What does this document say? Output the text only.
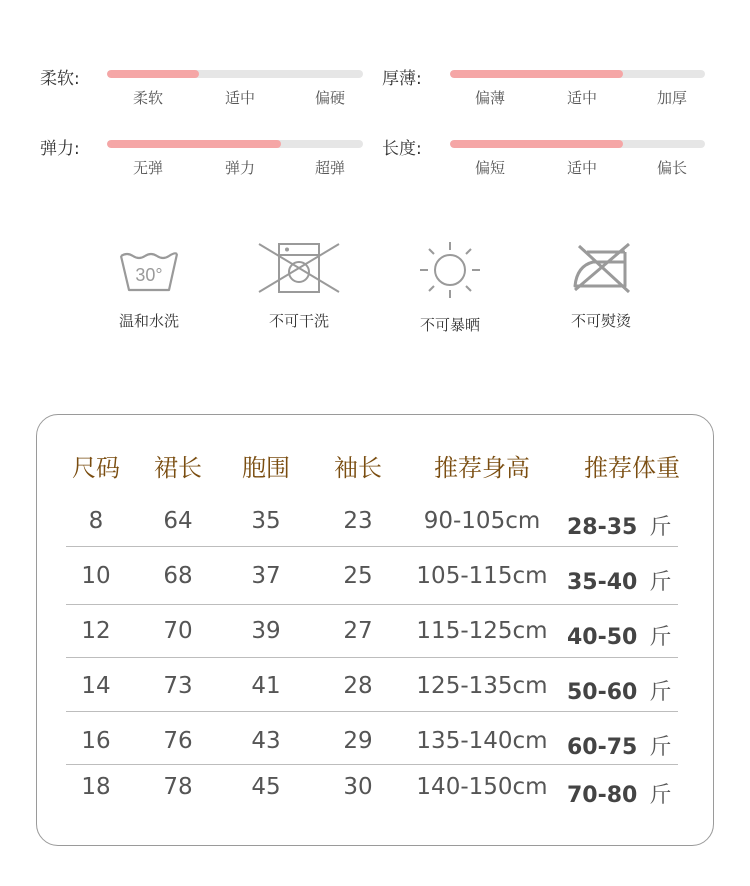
柔软:
柔软	适中	偏硬
厚薄:
偏薄	适中	加厚
弹力:
无弹	弹力	超弹
长度:
偏短	适中	偏长
30°
温和水洗	不可干洗	不可暴晒	不可熨烫
尺码	裙长	胞围	袖长	推荐身高	推荐体重
8	64	35	23	90-105cm	28-35 斤
10	68	37	25	105-115cm 35-40 斤
12	70	39	27	115-125cm 40-50 斤
14	73	41	28	125-135cm 50-60 斤
16	76	43	29	135-140cm 60-75 斤
18	78	45	30	140-150cm 70-80 斤
